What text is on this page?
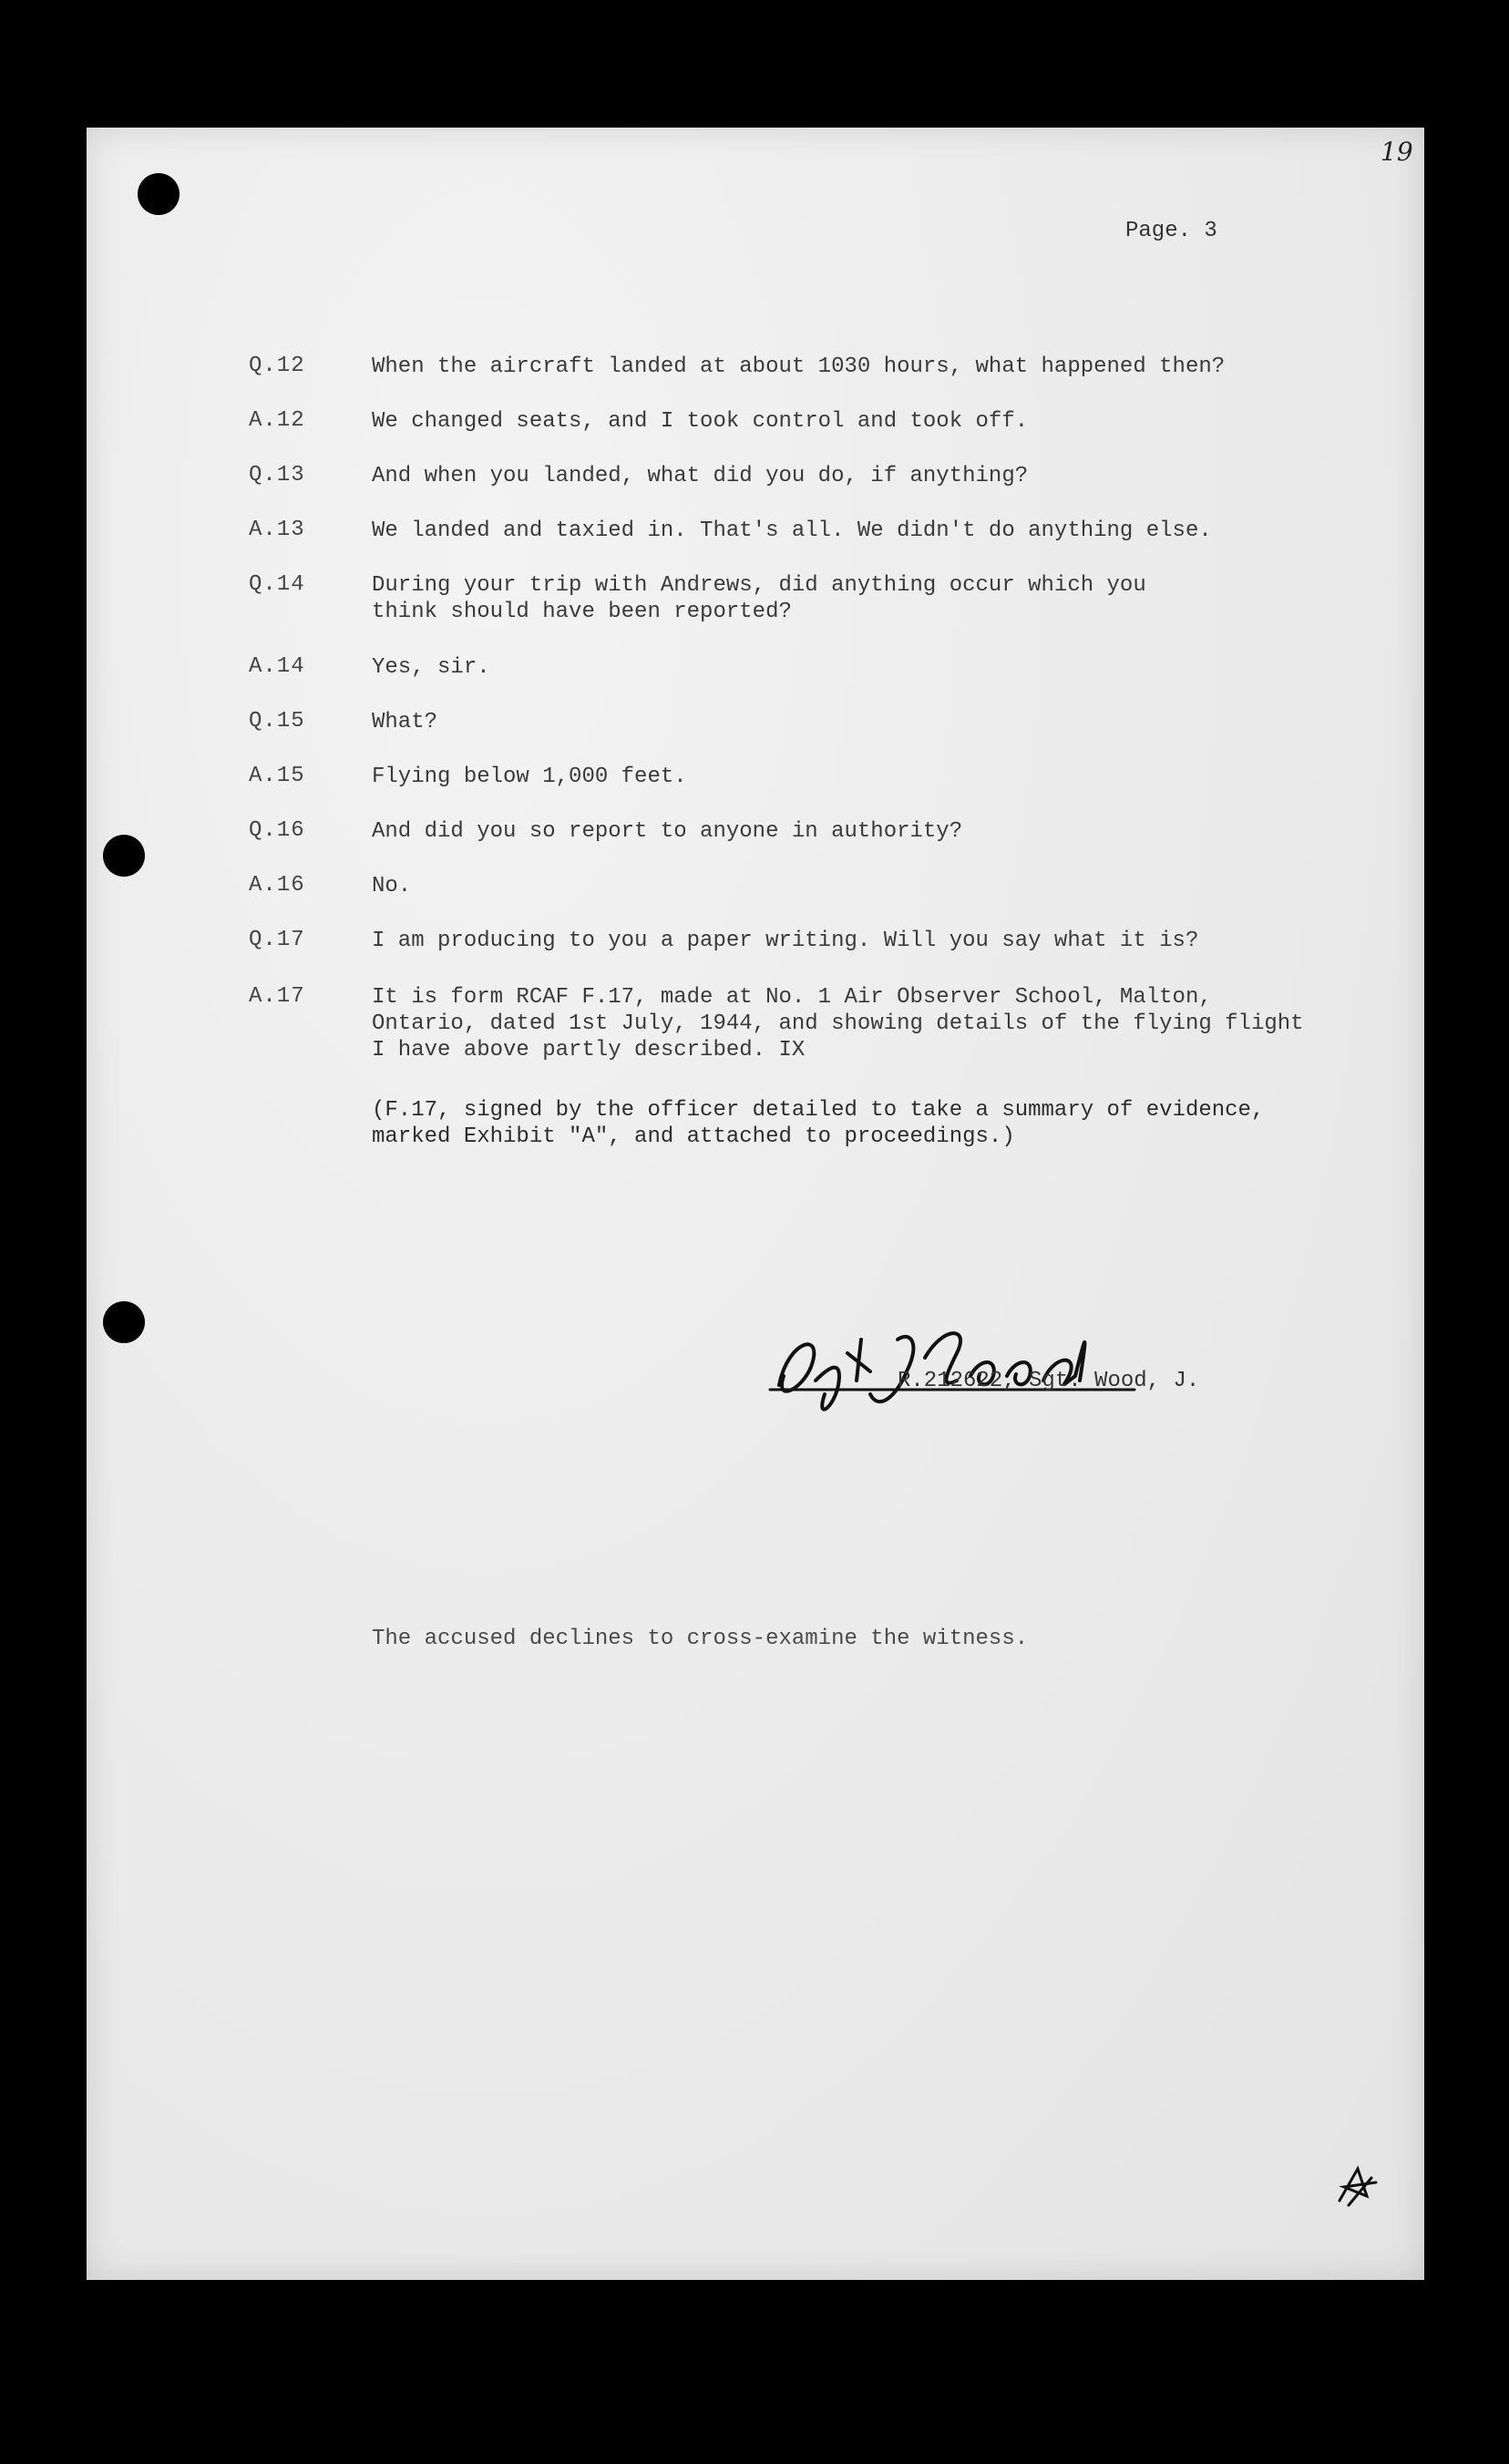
19
Page. 3
Q.12	When the aircraft landed at about 1030 hours, what happened then?
A.12	We changed seats, and I took control and took off.
Q.13	And when you landed, what did you do, if anything?
A.13	We landed and taxied in. That's all. We didn't do anything else.
Q.14	During your trip with Andrews, did anything occur which you
think should have been reported?
A.14	Yes, sir.
Q.15	What?
A.15	Flying below 1,000 feet.
Q.16	And did you so report to anyone in authority?
A.16	No.
Q.17	I am producing to you a paper writing. Will you say what it is?
A.17	It is form RCAF F.17, made at No. 1 Air Observer School, Malton,
Ontario, dated 1st July, 1944, and showing details of the flying flight
I have above partly described. IX
(F.17, signed by the officer detailed to take a summary of evidence,
marked Exhibit "A", and attached to proceedings.)
R.212622, Sgt. Wood, J.
The accused declines to cross-examine the witness.
